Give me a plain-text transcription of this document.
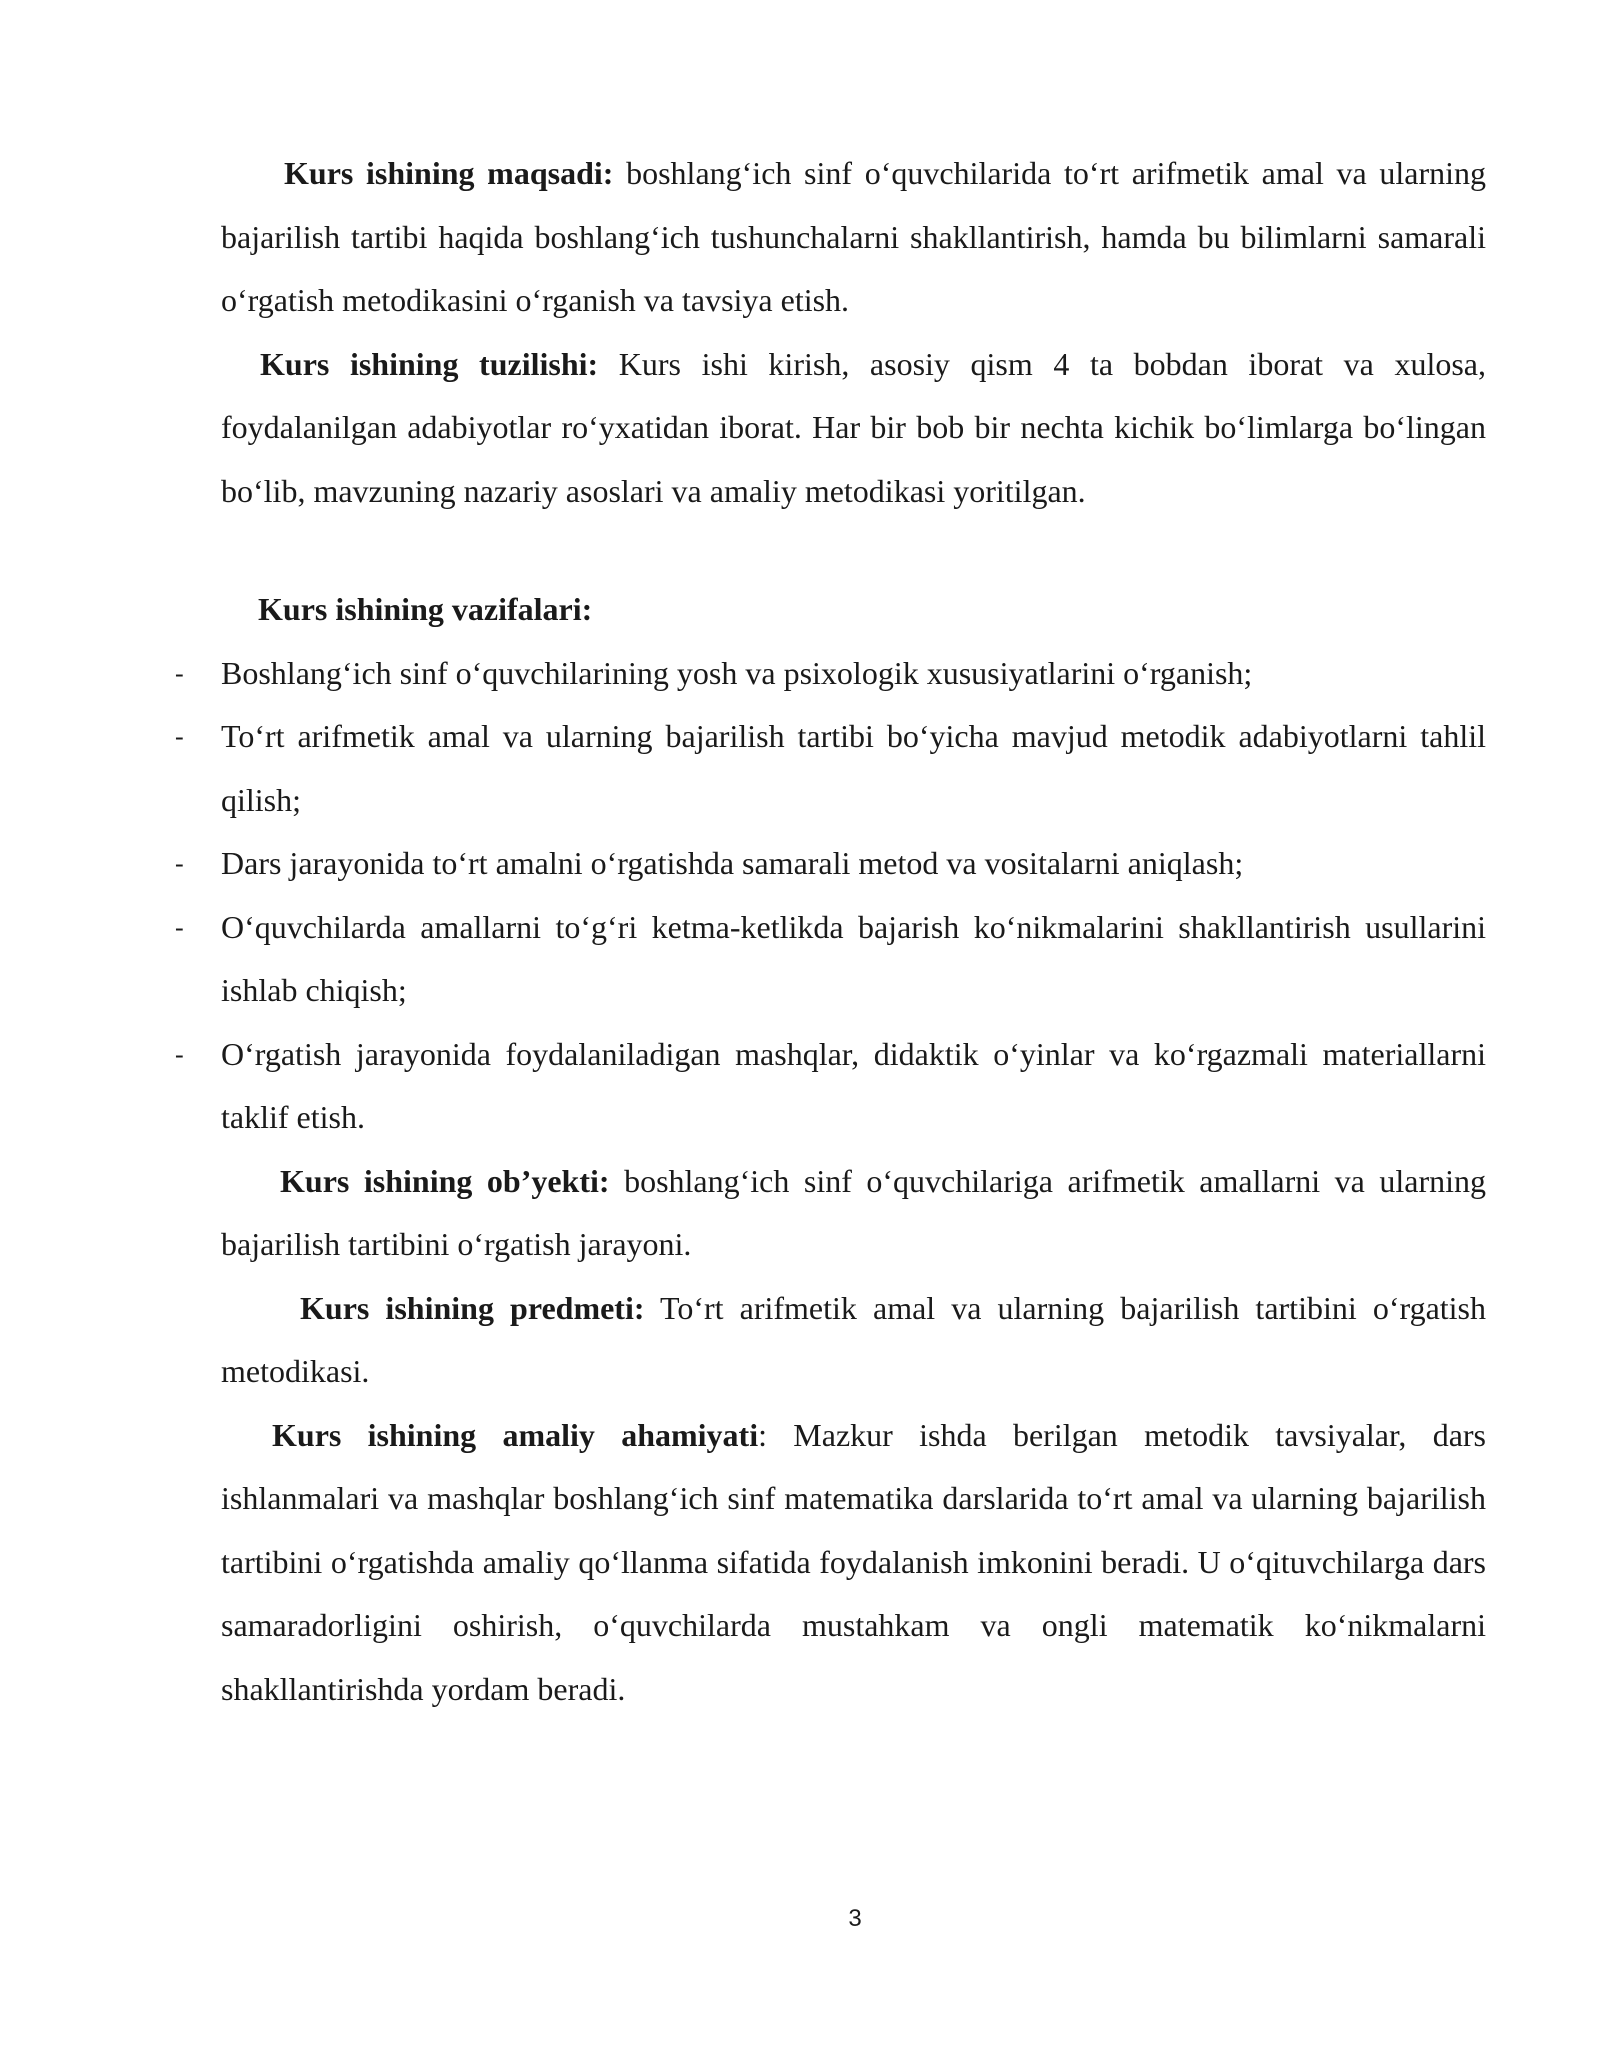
Kurs ishining maqsadi: boshlang‘ich sinf o‘quvchilarida to‘rt arifmetik amal va ularning bajarilish tartibi haqida boshlang‘ich tushunchalarni shakllantirish, hamda bu bilimlarni samarali o‘rgatish metodikasini o‘rganish va tavsiya etish.

Kurs ishining tuzilishi: Kurs ishi kirish, asosiy qism 4 ta bobdan iborat va xulosa, foydalanilgan adabiyotlar ro‘yxatidan iborat. Har bir bob bir nechta kichik bo‘limlarga bo‘lingan bo‘lib, mavzuning nazariy asoslari va amaliy metodikasi yoritilgan.

Kurs ishining vazifalari:

- Boshlang‘ich sinf o‘quvchilarining yosh va psixologik xususiyatlarini o‘rganish;
- To‘rt arifmetik amal va ularning bajarilish tartibi bo‘yicha mavjud metodik adabiyotlarni tahlil qilish;
- Dars jarayonida to‘rt amalni o‘rgatishda samarali metod va vositalarni aniqlash;
- O‘quvchilarda amallarni to‘g‘ri ketma-ketlikda bajarish ko‘nikmalarini shakllantirish usullarini ishlab chiqish;
- O‘rgatish jarayonida foydalaniladigan mashqlar, didaktik o‘yinlar va ko‘rgazmali materiallarni taklif etish.

Kurs ishining ob’yekti: boshlang‘ich sinf o‘quvchilariga arifmetik amallarni va ularning bajarilish tartibini o‘rgatish jarayoni.

Kurs ishining predmeti: To‘rt arifmetik amal va ularning bajarilish tartibini o‘rgatish metodikasi.

Kurs ishining amaliy ahamiyati: Mazkur ishda berilgan metodik tavsiyalar, dars ishlanmalari va mashqlar boshlang‘ich sinf matematika darslarida to‘rt amal va ularning bajarilish tartibini o‘rgatishda amaliy qo‘llanma sifatida foydalanish imkonini beradi. U o‘qituvchilarga dars samaradorligini oshirish, o‘quvchilarda mustahkam va ongli matematik ko‘nikmalarni shakllantirishda yordam beradi.

3
